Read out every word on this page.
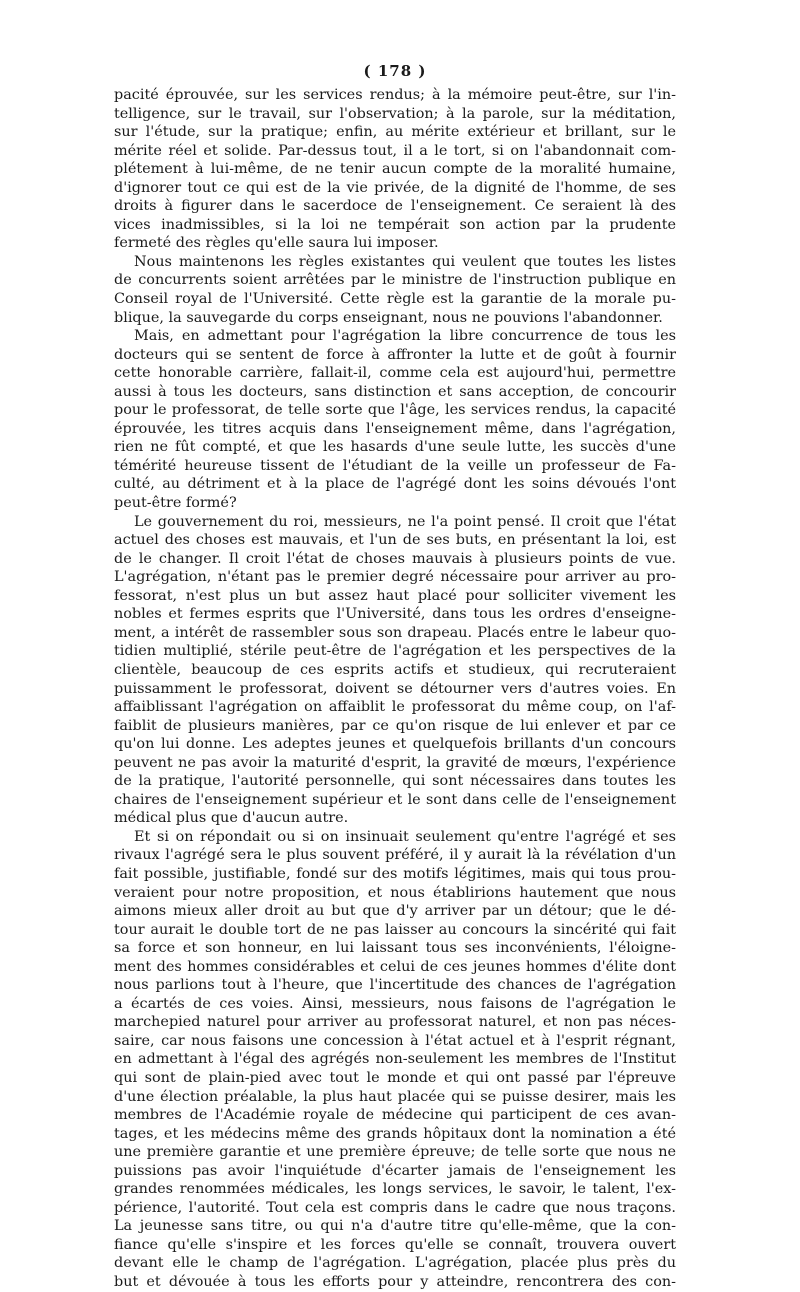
( 178 )
pacité éprouvée, sur les services rendus; à la mémoire peut-être, sur l'in-
telligence, sur le travail, sur l'observation; à la parole, sur la méditation,
sur l'étude, sur la pratique; enfin, au mérite extérieur et brillant, sur le
mérite réel et solide. Par-dessus tout, il a le tort, si on l'abandonnait com-
plétement à lui-même, de ne tenir aucun compte de la moralité humaine,
d'ignorer tout ce qui est de la vie privée, de la dignité de l'homme, de ses
droits à figurer dans le sacerdoce de l'enseignement. Ce seraient là des
vices inadmissibles, si la loi ne tempérait son action par la prudente
fermeté des règles qu'elle saura lui imposer.
Nous maintenons les règles existantes qui veulent que toutes les listes
de concurrents soient arrêtées par le ministre de l'instruction publique en
Conseil royal de l'Université. Cette règle est la garantie de la morale pu-
blique, la sauvegarde du corps enseignant, nous ne pouvions l'abandonner.
Mais, en admettant pour l'agrégation la libre concurrence de tous les
docteurs qui se sentent de force à affronter la lutte et de goût à fournir
cette honorable carrière, fallait-il, comme cela est aujourd'hui, permettre
aussi à tous les docteurs, sans distinction et sans acception, de concourir
pour le professorat, de telle sorte que l'âge, les services rendus, la capacité
éprouvée, les titres acquis dans l'enseignement même, dans l'agrégation,
rien ne fût compté, et que les hasards d'une seule lutte, les succès d'une
témérité heureuse tissent de l'étudiant de la veille un professeur de Fa-
culté, au détriment et à la place de l'agrégé dont les soins dévoués l'ont
peut-être formé?
Le gouvernement du roi, messieurs, ne l'a point pensé. Il croit que l'état
actuel des choses est mauvais, et l'un de ses buts, en présentant la loi, est
de le changer. Il croit l'état de choses mauvais à plusieurs points de vue.
L'agrégation, n'étant pas le premier degré nécessaire pour arriver au pro-
fessorat, n'est plus un but assez haut placé pour solliciter vivement les
nobles et fermes esprits que l'Université, dans tous les ordres d'enseigne-
ment, a intérêt de rassembler sous son drapeau. Placés entre le labeur quo-
tidien multiplié, stérile peut-être de l'agrégation et les perspectives de la
clientèle, beaucoup de ces esprits actifs et studieux, qui recruteraient
puissamment le professorat, doivent se détourner vers d'autres voies. En
affaiblissant l'agrégation on affaiblit le professorat du même coup, on l'af-
faiblit de plusieurs manières, par ce qu'on risque de lui enlever et par ce
qu'on lui donne. Les adeptes jeunes et quelquefois brillants d'un concours
peuvent ne pas avoir la maturité d'esprit, la gravité de mœurs, l'expérience
de la pratique, l'autorité personnelle, qui sont nécessaires dans toutes les
chaires de l'enseignement supérieur et le sont dans celle de l'enseignement
médical plus que d'aucun autre.
Et si on répondait ou si on insinuait seulement qu'entre l'agrégé et ses
rivaux l'agrégé sera le plus souvent préféré, il y aurait là la révélation d'un
fait possible, justifiable, fondé sur des motifs légitimes, mais qui tous prou-
veraient pour notre proposition, et nous établirions hautement que nous
aimons mieux aller droit au but que d'y arriver par un détour; que le dé-
tour aurait le double tort de ne pas laisser au concours la sincérité qui fait
sa force et son honneur, en lui laissant tous ses inconvénients, l'éloigne-
ment des hommes considérables et celui de ces jeunes hommes d'élite dont
nous parlions tout à l'heure, que l'incertitude des chances de l'agrégation
a écartés de ces voies. Ainsi, messieurs, nous faisons de l'agrégation le
marchepied naturel pour arriver au professorat naturel, et non pas néces-
saire, car nous faisons une concession à l'état actuel et à l'esprit régnant,
en admettant à l'égal des agrégés non-seulement les membres de l'Institut
qui sont de plain-pied avec tout le monde et qui ont passé par l'épreuve
d'une élection préalable, la plus haut placée qui se puisse desirer, mais les
membres de l'Académie royale de médecine qui participent de ces avan-
tages, et les médecins même des grands hôpitaux dont la nomination a été
une première garantie et une première épreuve; de telle sorte que nous ne
puissions pas avoir l'inquiétude d'écarter jamais de l'enseignement les
grandes renommées médicales, les longs services, le savoir, le talent, l'ex-
périence, l'autorité. Tout cela est compris dans le cadre que nous traçons.
La jeunesse sans titre, ou qui n'a d'autre titre qu'elle-même, que la con-
fiance qu'elle s'inspire et les forces qu'elle se connaît, trouvera ouvert
devant elle le champ de l'agrégation. L'agrégation, placée plus près du
but et dévouée à tous les efforts pour y atteindre, rencontrera des con-
